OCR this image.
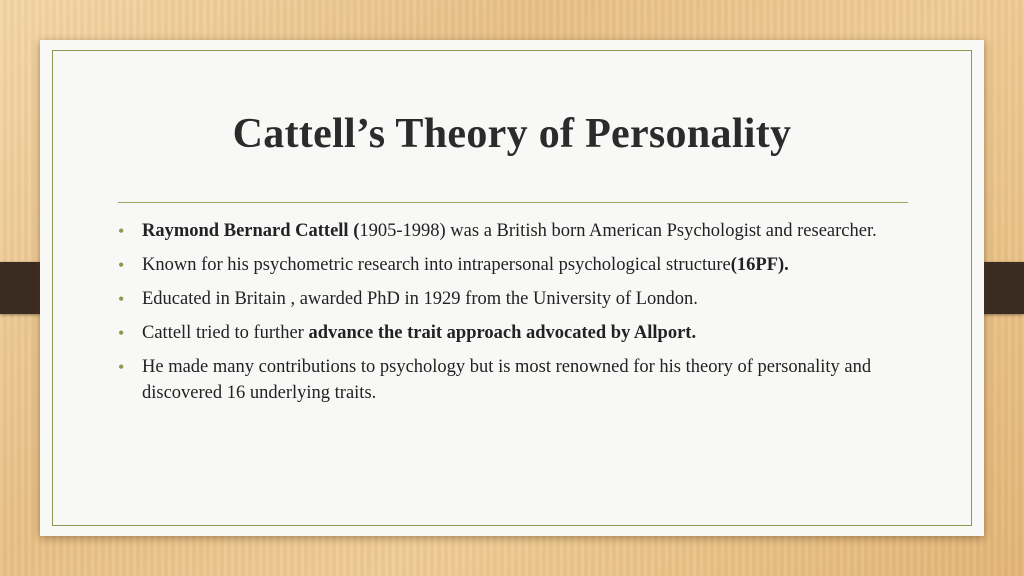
Cattell’s Theory of Personality
• Raymond Bernard Cattell (1905-1998) was a British born American Psychologist and researcher.
• Known for his psychometric research into intrapersonal psychological structure(16PF).
• Educated in Britain , awarded PhD in 1929 from the University of London.
• Cattell tried to further advance the trait approach advocated by Allport.
• He made many contributions to psychology but is most renowned for his theory of personality and discovered 16 underlying traits.
